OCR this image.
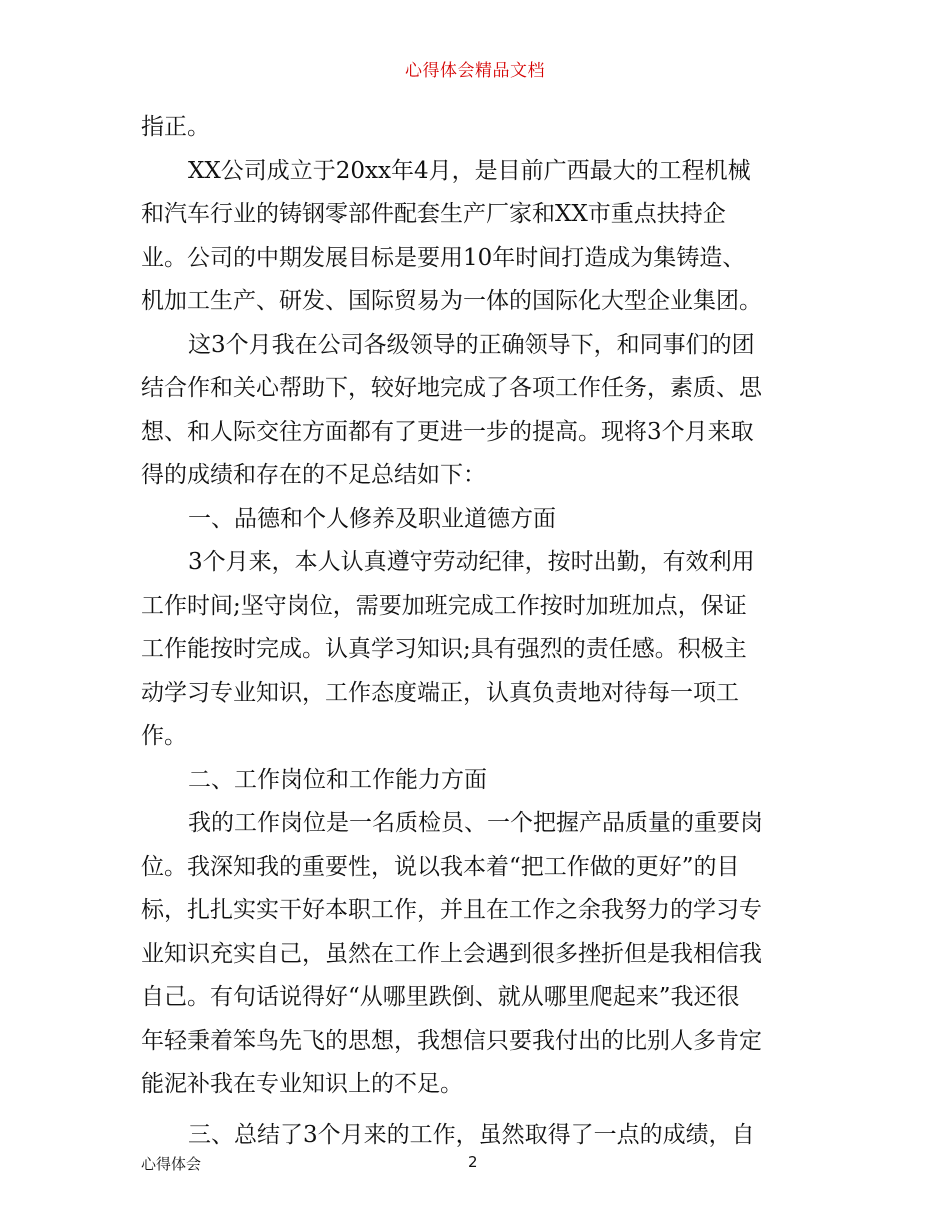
心得体会精品文档
指正。
XX公司成立于20xx年4月，是目前广西最大的工程机械
和汽车行业的铸钢零部件配套生产厂家和XX市重点扶持企
业。公司的中期发展目标是要用10年时间打造成为集铸造、
机加工生产、研发、国际贸易为一体的国际化大型企业集团。
这3个月我在公司各级领导的正确领导下，和同事们的团
结合作和关心帮助下，较好地完成了各项工作任务，素质、思
想、和人际交往方面都有了更进一步的提高。现将3个月来取
得的成绩和存在的不足总结如下：
一、品德和个人修养及职业道德方面
3个月来，本人认真遵守劳动纪律，按时出勤，有效利用
工作时间;坚守岗位，需要加班完成工作按时加班加点，保证
工作能按时完成。认真学习知识;具有强烈的责任感。积极主
动学习专业知识，工作态度端正，认真负责地对待每一项工
作。
二、工作岗位和工作能力方面
我的工作岗位是一名质检员、一个把握产品质量的重要岗
位。我深知我的重要性，说以我本着“把工作做的更好”的目
标，扎扎实实干好本职工作，并且在工作之余我努力的学习专
业知识充实自己，虽然在工作上会遇到很多挫折但是我相信我
自己。有句话说得好“从哪里跌倒、就从哪里爬起来”我还很
年轻秉着笨鸟先飞的思想，我想信只要我付出的比别人多肯定
能泥补我在专业知识上的不足。
三、总结了3个月来的工作，虽然取得了一点的成绩，自
心得体会	2
